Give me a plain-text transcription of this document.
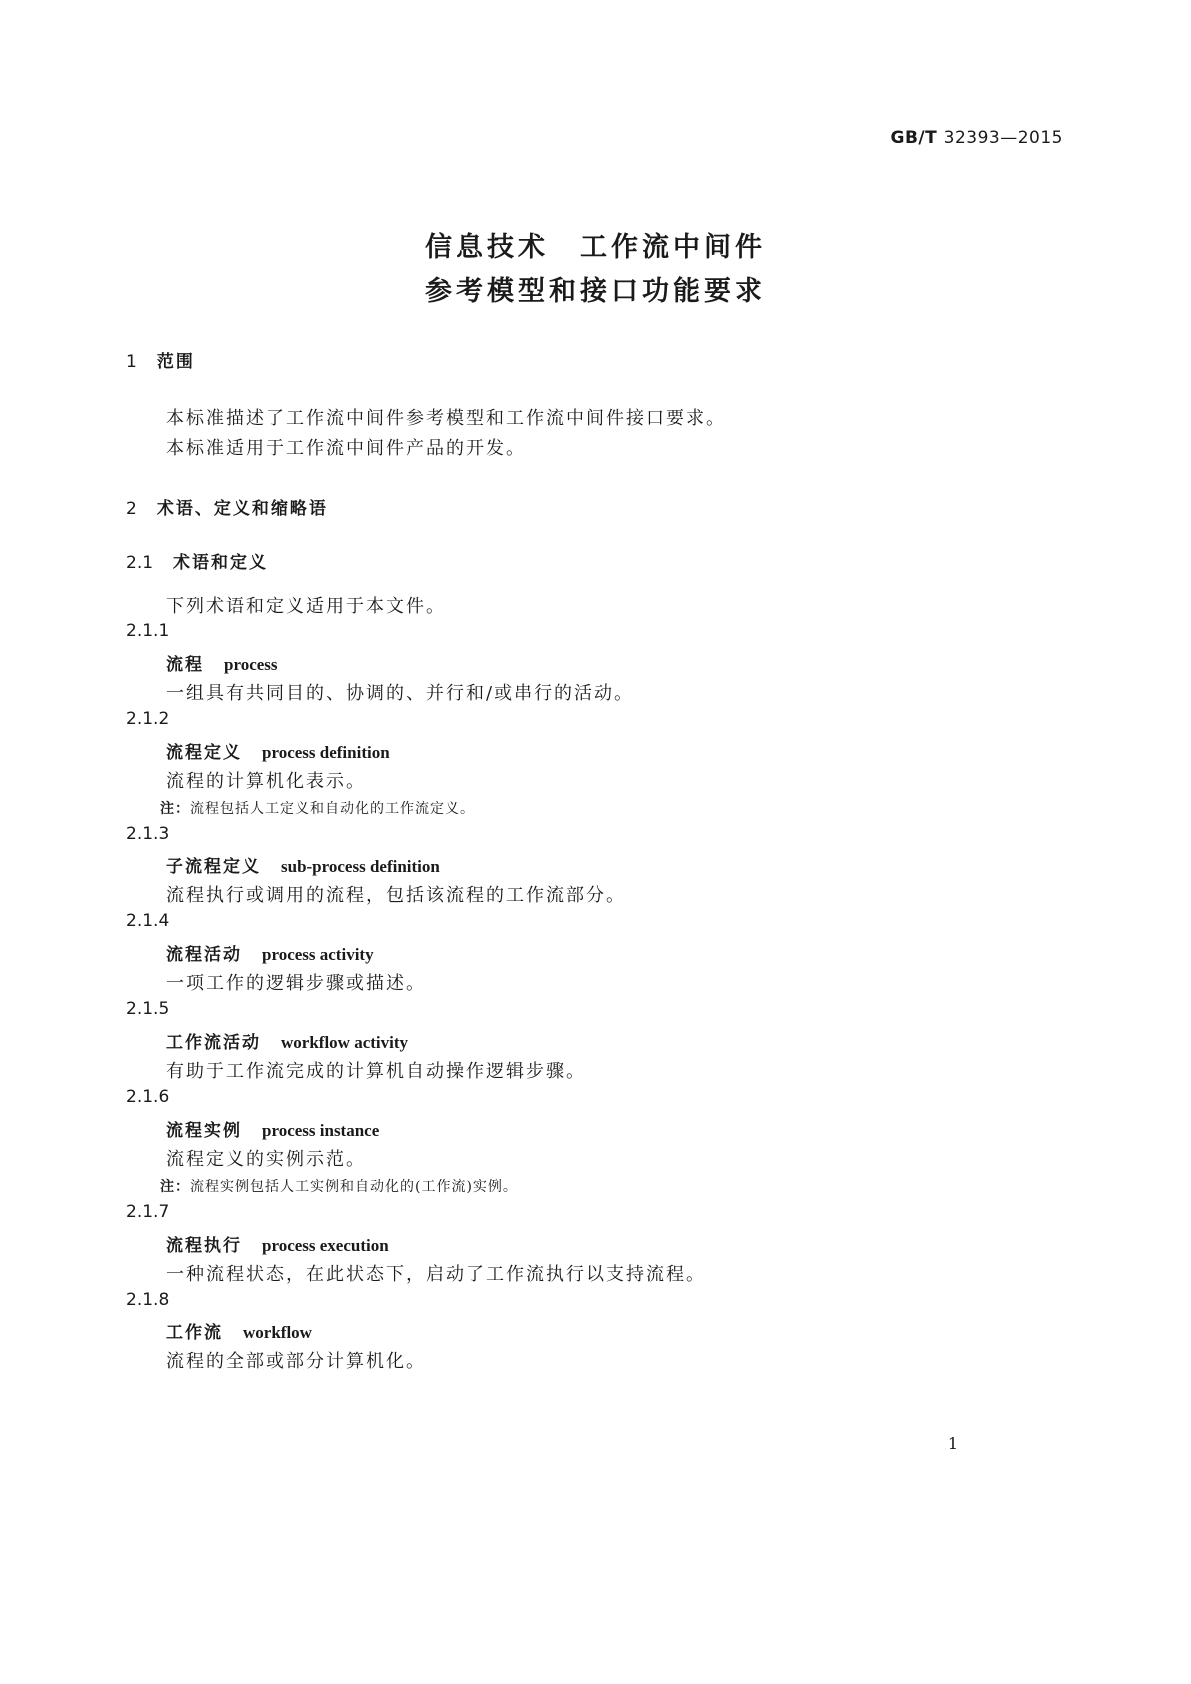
GB/T 32393—2015
信息技术　工作流中间件
参考模型和接口功能要求
1 范围
本标准描述了工作流中间件参考模型和工作流中间件接口要求。
本标准适用于工作流中间件产品的开发。
2 术语、定义和缩略语
2.1 术语和定义
下列术语和定义适用于本文件。
2.1.1
流程 process
一组具有共同目的、协调的、并行和/或串行的活动。
2.1.2
流程定义 process definition
流程的计算机化表示。
注：流程包括人工定义和自动化的工作流定义。
2.1.3
子流程定义 sub-process definition
流程执行或调用的流程，包括该流程的工作流部分。
2.1.4
流程活动 process activity
一项工作的逻辑步骤或描述。
2.1.5
工作流活动 workflow activity
有助于工作流完成的计算机自动操作逻辑步骤。
2.1.6
流程实例 process instance
流程定义的实例示范。
注：流程实例包括人工实例和自动化的(工作流)实例。
2.1.7
流程执行 process execution
一种流程状态，在此状态下，启动了工作流执行以支持流程。
2.1.8
工作流 workflow
流程的全部或部分计算机化。
1
